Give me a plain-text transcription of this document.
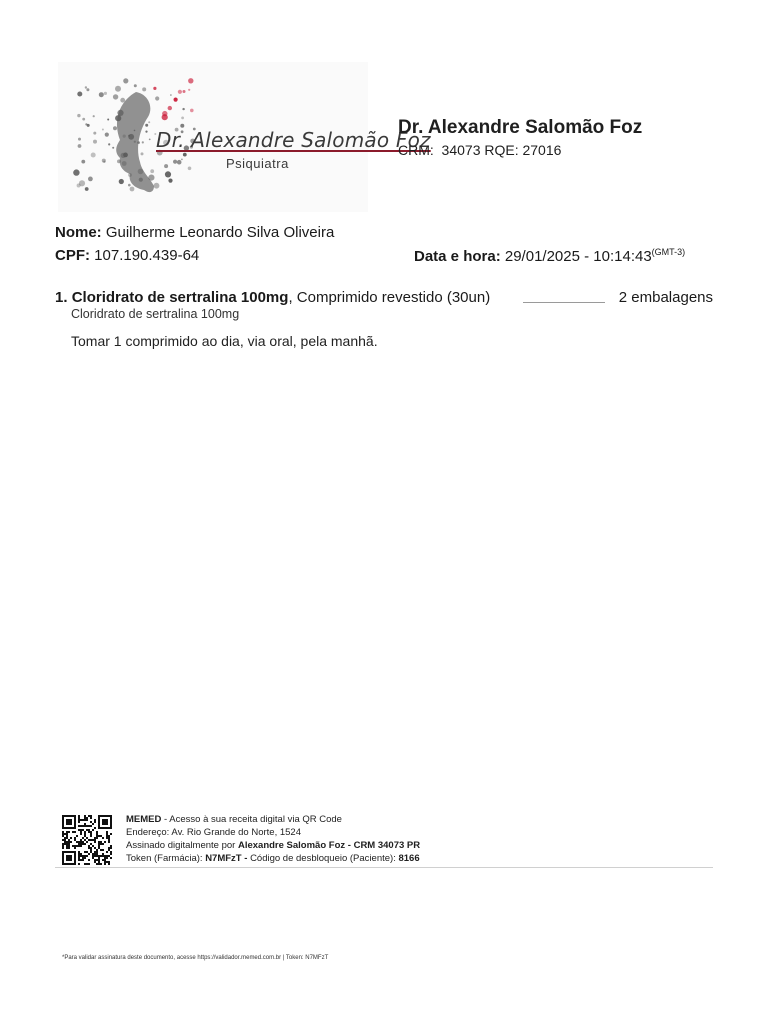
Dr. Alexandre Salomão Foz
Psiquiatra
Dr. Alexandre Salomão Foz
CRM:  34073 RQE: 27016
Nome: Guilherme Leonardo Silva Oliveira
CPF: 107.190.439-64	Data e hora: $29/01/2025 - 10:14:43^{(GMT-3)}$
1. Cloridrato de sertralina 100mg, Comprimido revestido (30un)	2 embalagens
Cloridrato de sertralina 100mg
Tomar 1 comprimido ao dia, via oral, pela manhã.
MEMED - Acesso à sua receita digital via QR Code
Endereço: Av. Rio Grande do Norte, 1524
Assinado digitalmente por Alexandre Salomão Foz - CRM 34073 PR
Token (Farmácia): N7MFzT - Código de desbloqueio (Paciente): 8166
*Para validar assinatura deste documento, acesse https://validador.memed.com.br | Token: N7MFzT
